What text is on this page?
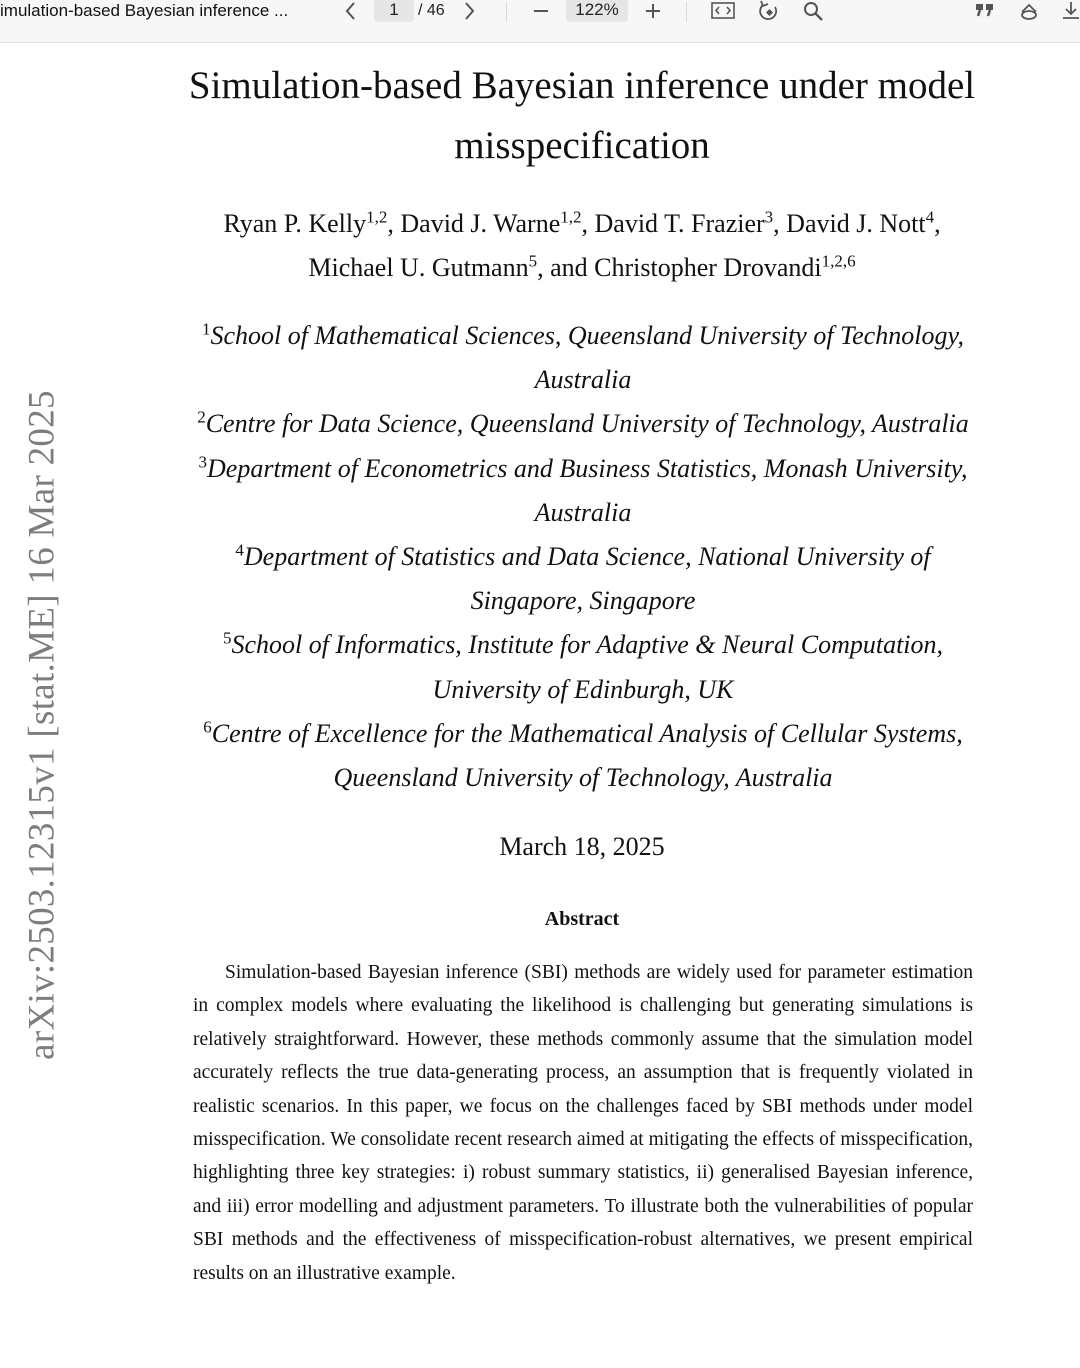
imulation-based Bayesian inference ...	1	/ 46	122%
arXiv:2503.12315v1 [stat.ME] 16 Mar 2025
Simulation-based Bayesian inference under model
misspecification
Ryan P. Kelly$^{1,2}$, David J. Warne$^{1,2}$, David T. Frazier$^3$, David J. Nott$^4$,
Michael U. Gutmann$^5$, and Christopher Drovandi$^{1,2,6}$
$^1$School of Mathematical Sciences, Queensland University of Technology,
Australia
$^2$Centre for Data Science, Queensland University of Technology, Australia
$^3$Department of Econometrics and Business Statistics, Monash University,
Australia
$^4$Department of Statistics and Data Science, National University of
Singapore, Singapore
$^5$School of Informatics, Institute for Adaptive & Neural Computation,
University of Edinburgh, UK
$^6$Centre of Excellence for the Mathematical Analysis of Cellular Systems,
Queensland University of Technology, Australia
March 18, 2025
Abstract

Simulation-based Bayesian inference (SBI) methods are widely used for parameter estimation in complex models where evaluating the likelihood is challenging but generating simulations is relatively straightforward. However, these methods commonly assume that the simulation model accurately reflects the true data-generating process, an assumption that is frequently violated in realistic scenarios. In this paper, we focus on the challenges faced by SBI methods under model misspecification. We consolidate recent research aimed at mitigating the effects of misspecification, highlighting three key strategies: i) robust summary statistics, ii) generalised Bayesian inference, and iii) error modelling and adjustment parameters. To illustrate both the vulnerabilities of popular SBI methods and the effectiveness of misspecification-robust alternatives, we present empirical results on an illustrative example.
